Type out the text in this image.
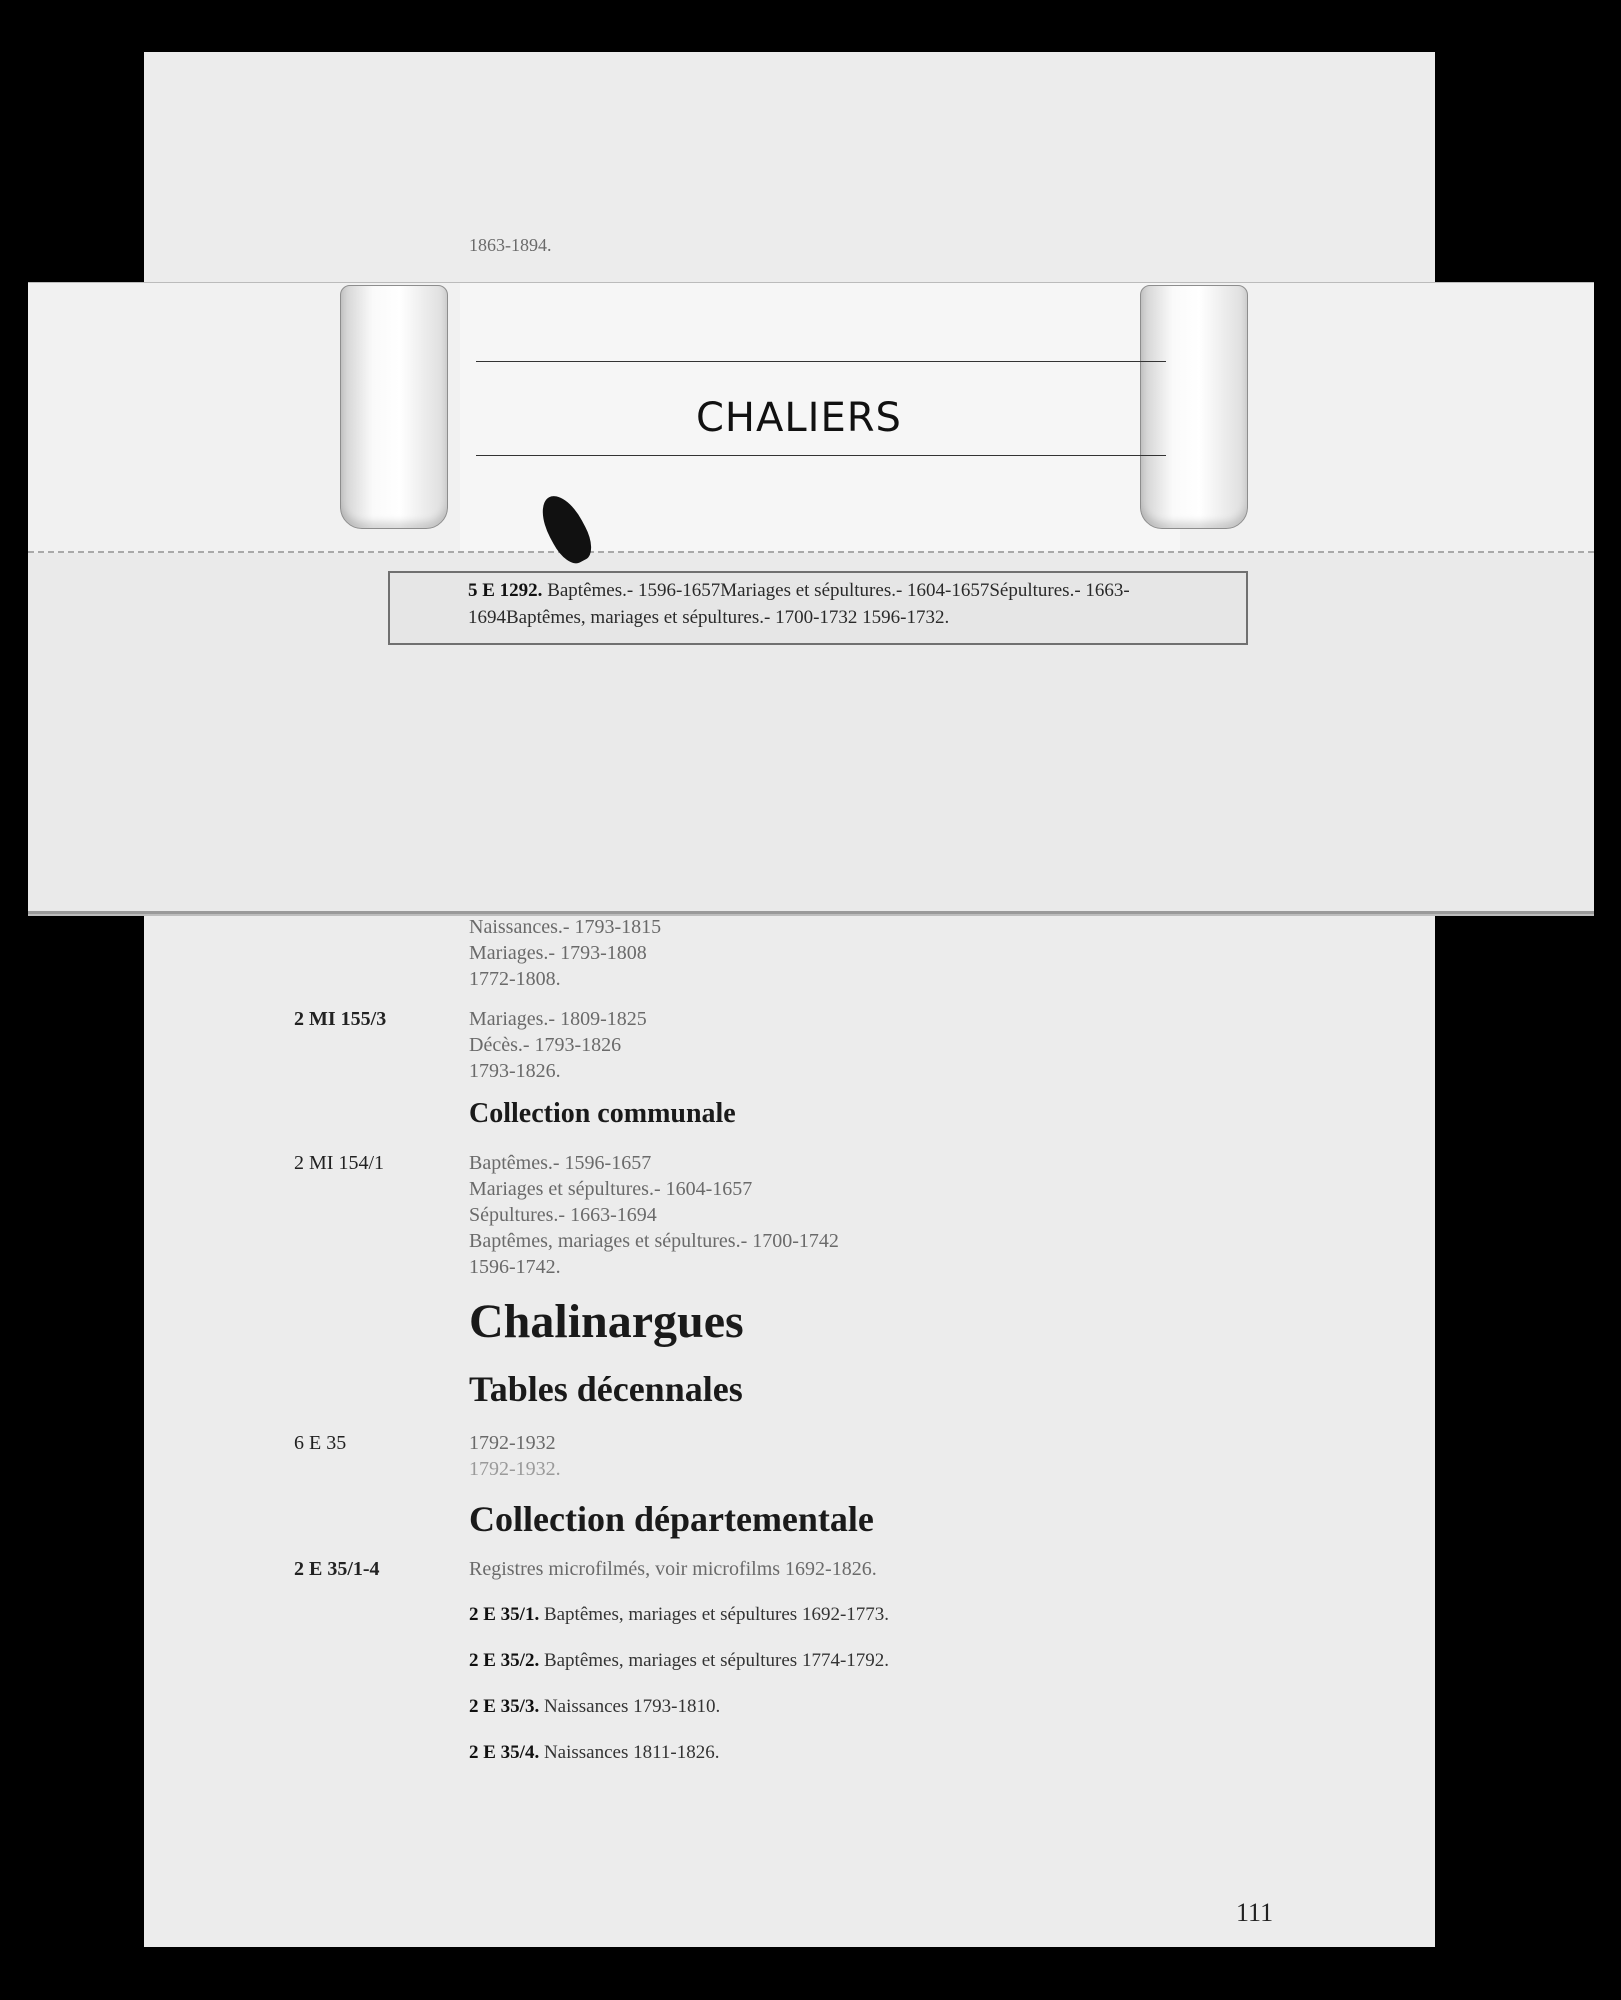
1863-1894.
Naissances.- 1793-1815
Mariages.- 1793-1808
1772-1808.
2 MI 155/3	Mariages.- 1809-1825
Décès.- 1793-1826
1793-1826.
Collection communale
2 MI 154/1	Baptêmes.- 1596-1657
Mariages et sépultures.- 1604-1657
Sépultures.- 1663-1694
Baptêmes, mariages et sépultures.- 1700-1742
1596-1742.
Chalinargues
Tables décennales
6 E 35	1792-1932
1792-1932.
Collection départementale
2 E 35/1-4	Registres microfilmés, voir microfilms 1692-1826.
2 E 35/1. Baptêmes, mariages et sépultures 1692-1773.
2 E 35/2. Baptêmes, mariages et sépultures 1774-1792.
2 E 35/3. Naissances 1793-1810.
2 E 35/4. Naissances 1811-1826.
111
CHALIERS
5 E 1292. Baptêmes.- 1596-1657Mariages et sépultures.- 1604-1657Sépultures.- 1663-1694Baptêmes, mariages et sépultures.- 1700-1732 1596-1732.
